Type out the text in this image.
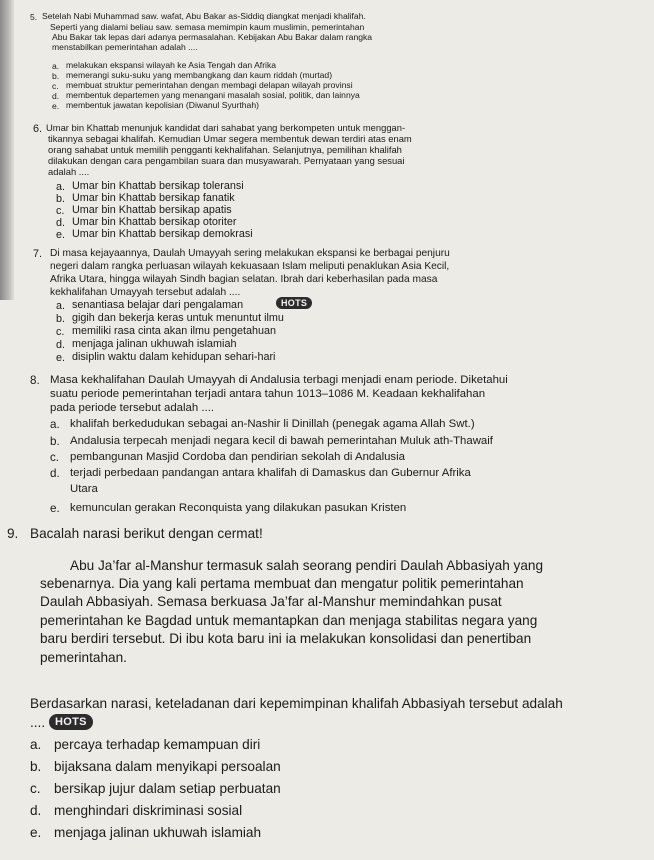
5. Setelah Nabi Muhammad saw. wafat, Abu Bakar as-Siddiq diangkat menjadi khalifah.
Seperti yang dialami beliau saw. semasa memimpin kaum muslimin, pemerintahan
Abu Bakar tak lepas dari adanya permasalahan. Kebijakan Abu Bakar dalam rangka
menstabilkan pemerintahan adalah ....
a. melakukan ekspansi wilayah ke Asia Tengah dan Afrika
b. memerangi suku-suku yang membangkang dan kaum riddah (murtad)
c. membuat struktur pemerintahan dengan membagi delapan wilayah provinsi
d. membentuk departemen yang menangani masalah sosial, politik, dan lainnya
e. membentuk jawatan kepolisian (Diwanul Syurthah)
6. Umar bin Khattab menunjuk kandidat dari sahabat yang berkompeten untuk menggan-
tikannya sebagai khalifah. Kemudian Umar segera membentuk dewan terdiri atas enam
orang sahabat untuk memilih pengganti kekhalifahan. Selanjutnya, pemilihan khalifah
dilakukan dengan cara pengambilan suara dan musyawarah. Pernyataan yang sesuai
adalah ....
a. Umar bin Khattab bersikap toleransi
b. Umar bin Khattab bersikap fanatik
c. Umar bin Khattab bersikap apatis
d. Umar bin Khattab bersikap otoriter
e. Umar bin Khattab bersikap demokrasi
7. Di masa kejayaannya, Daulah Umayyah sering melakukan ekspansi ke berbagai penjuru
negeri dalam rangka perluasan wilayah kekuasaan Islam meliputi penaklukan Asia Kecil,
Afrika Utara, hingga wilayah Sindh bagian selatan. Ibrah dari keberhasilan pada masa
kekhalifahan Umayyah tersebut adalah ....
a. senantiasa belajar dari pengalaman	HOTS
b. gigih dan bekerja keras untuk menuntut ilmu
c. memiliki rasa cinta akan ilmu pengetahuan
d. menjaga jalinan ukhuwah islamiah
e. disiplin waktu dalam kehidupan sehari-hari
8. Masa kekhalifahan Daulah Umayyah di Andalusia terbagi menjadi enam periode. Diketahui
suatu periode pemerintahan terjadi antara tahun 1013–1086 M. Keadaan kekhalifahan
pada periode tersebut adalah ....
a. khalifah berkedudukan sebagai an-Nashir li Dinillah (penegak agama Allah Swt.)
b. Andalusia terpecah menjadi negara kecil di bawah pemerintahan Muluk ath-Thawaif
c. pembangunan Masjid Cordoba dan pendirian sekolah di Andalusia
d. terjadi perbedaan pandangan antara khalifah di Damaskus dan Gubernur Afrika
Utara
e. kemunculan gerakan Reconquista yang dilakukan pasukan Kristen
9. Bacalah narasi berikut dengan cermat!
Abu Ja’far al-Manshur termasuk salah seorang pendiri Daulah Abbasiyah yang
sebenarnya. Dia yang kali pertama membuat dan mengatur politik pemerintahan
Daulah Abbasiyah. Semasa berkuasa Ja’far al-Manshur memindahkan pusat
pemerintahan ke Bagdad untuk memantapkan dan menjaga stabilitas negara yang
baru berdiri tersebut. Di ibu kota baru ini ia melakukan konsolidasi dan penertiban
pemerintahan.
Berdasarkan narasi, keteladanan dari kepemimpinan khalifah Abbasiyah tersebut adalah
.... HOTS
a. percaya terhadap kemampuan diri
b. bijaksana dalam menyikapi persoalan
c. bersikap jujur dalam setiap perbuatan
d. menghindari diskriminasi sosial
e. menjaga jalinan ukhuwah islamiah
